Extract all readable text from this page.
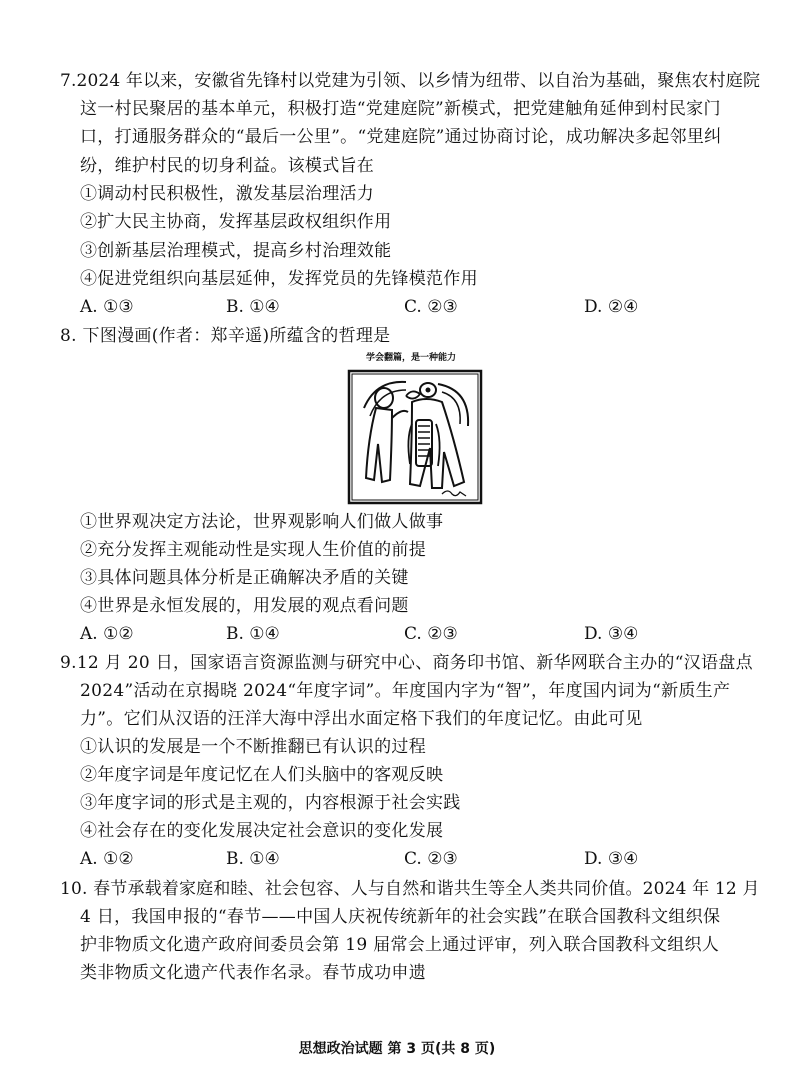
7.2024 年以来，安徽省先锋村以党建为引领、以乡情为纽带、以自治为基础，聚焦农村庭院
这一村民聚居的基本单元，积极打造“党建庭院”新模式，把党建触角延伸到村民家门
口，打通服务群众的“最后一公里”。“党建庭院”通过协商讨论，成功解决多起邻里纠
纷，维护村民的切身利益。该模式旨在
①调动村民积极性，激发基层治理活力
②扩大民主协商，发挥基层政权组织作用
③创新基层治理模式，提高乡村治理效能
④促进党组织向基层延伸，发挥党员的先锋模范作用
A. ①③	B. ①④	C. ②③	D. ②④
8. 下图漫画(作者：郑辛遥)所蕴含的哲理是
学会翻篇，是一种能力
①世界观决定方法论，世界观影响人们做人做事
②充分发挥主观能动性是实现人生价值的前提
③具体问题具体分析是正确解决矛盾的关键
④世界是永恒发展的，用发展的观点看问题
A. ①②	B. ①④	C. ②③	D. ③④
9.12 月 20 日，国家语言资源监测与研究中心、商务印书馆、新华网联合主办的“汉语盘点
2024”活动在京揭晓 2024“年度字词”。年度国内字为“智”，年度国内词为“新质生产
力”。它们从汉语的汪洋大海中浮出水面定格下我们的年度记忆。由此可见
①认识的发展是一个不断推翻已有认识的过程
②年度字词是年度记忆在人们头脑中的客观反映
③年度字词的形式是主观的，内容根源于社会实践
④社会存在的变化发展决定社会意识的变化发展
A. ①②	B. ①④	C. ②③	D. ③④
10. 春节承载着家庭和睦、社会包容、人与自然和谐共生等全人类共同价值。2024 年 12 月
4 日，我国申报的“春节——中国人庆祝传统新年的社会实践”在联合国教科文组织保
护非物质文化遗产政府间委员会第 19 届常会上通过评审，列入联合国教科文组织人
类非物质文化遗产代表作名录。春节成功申遗
思想政治试题 第 3 页(共 8 页)
